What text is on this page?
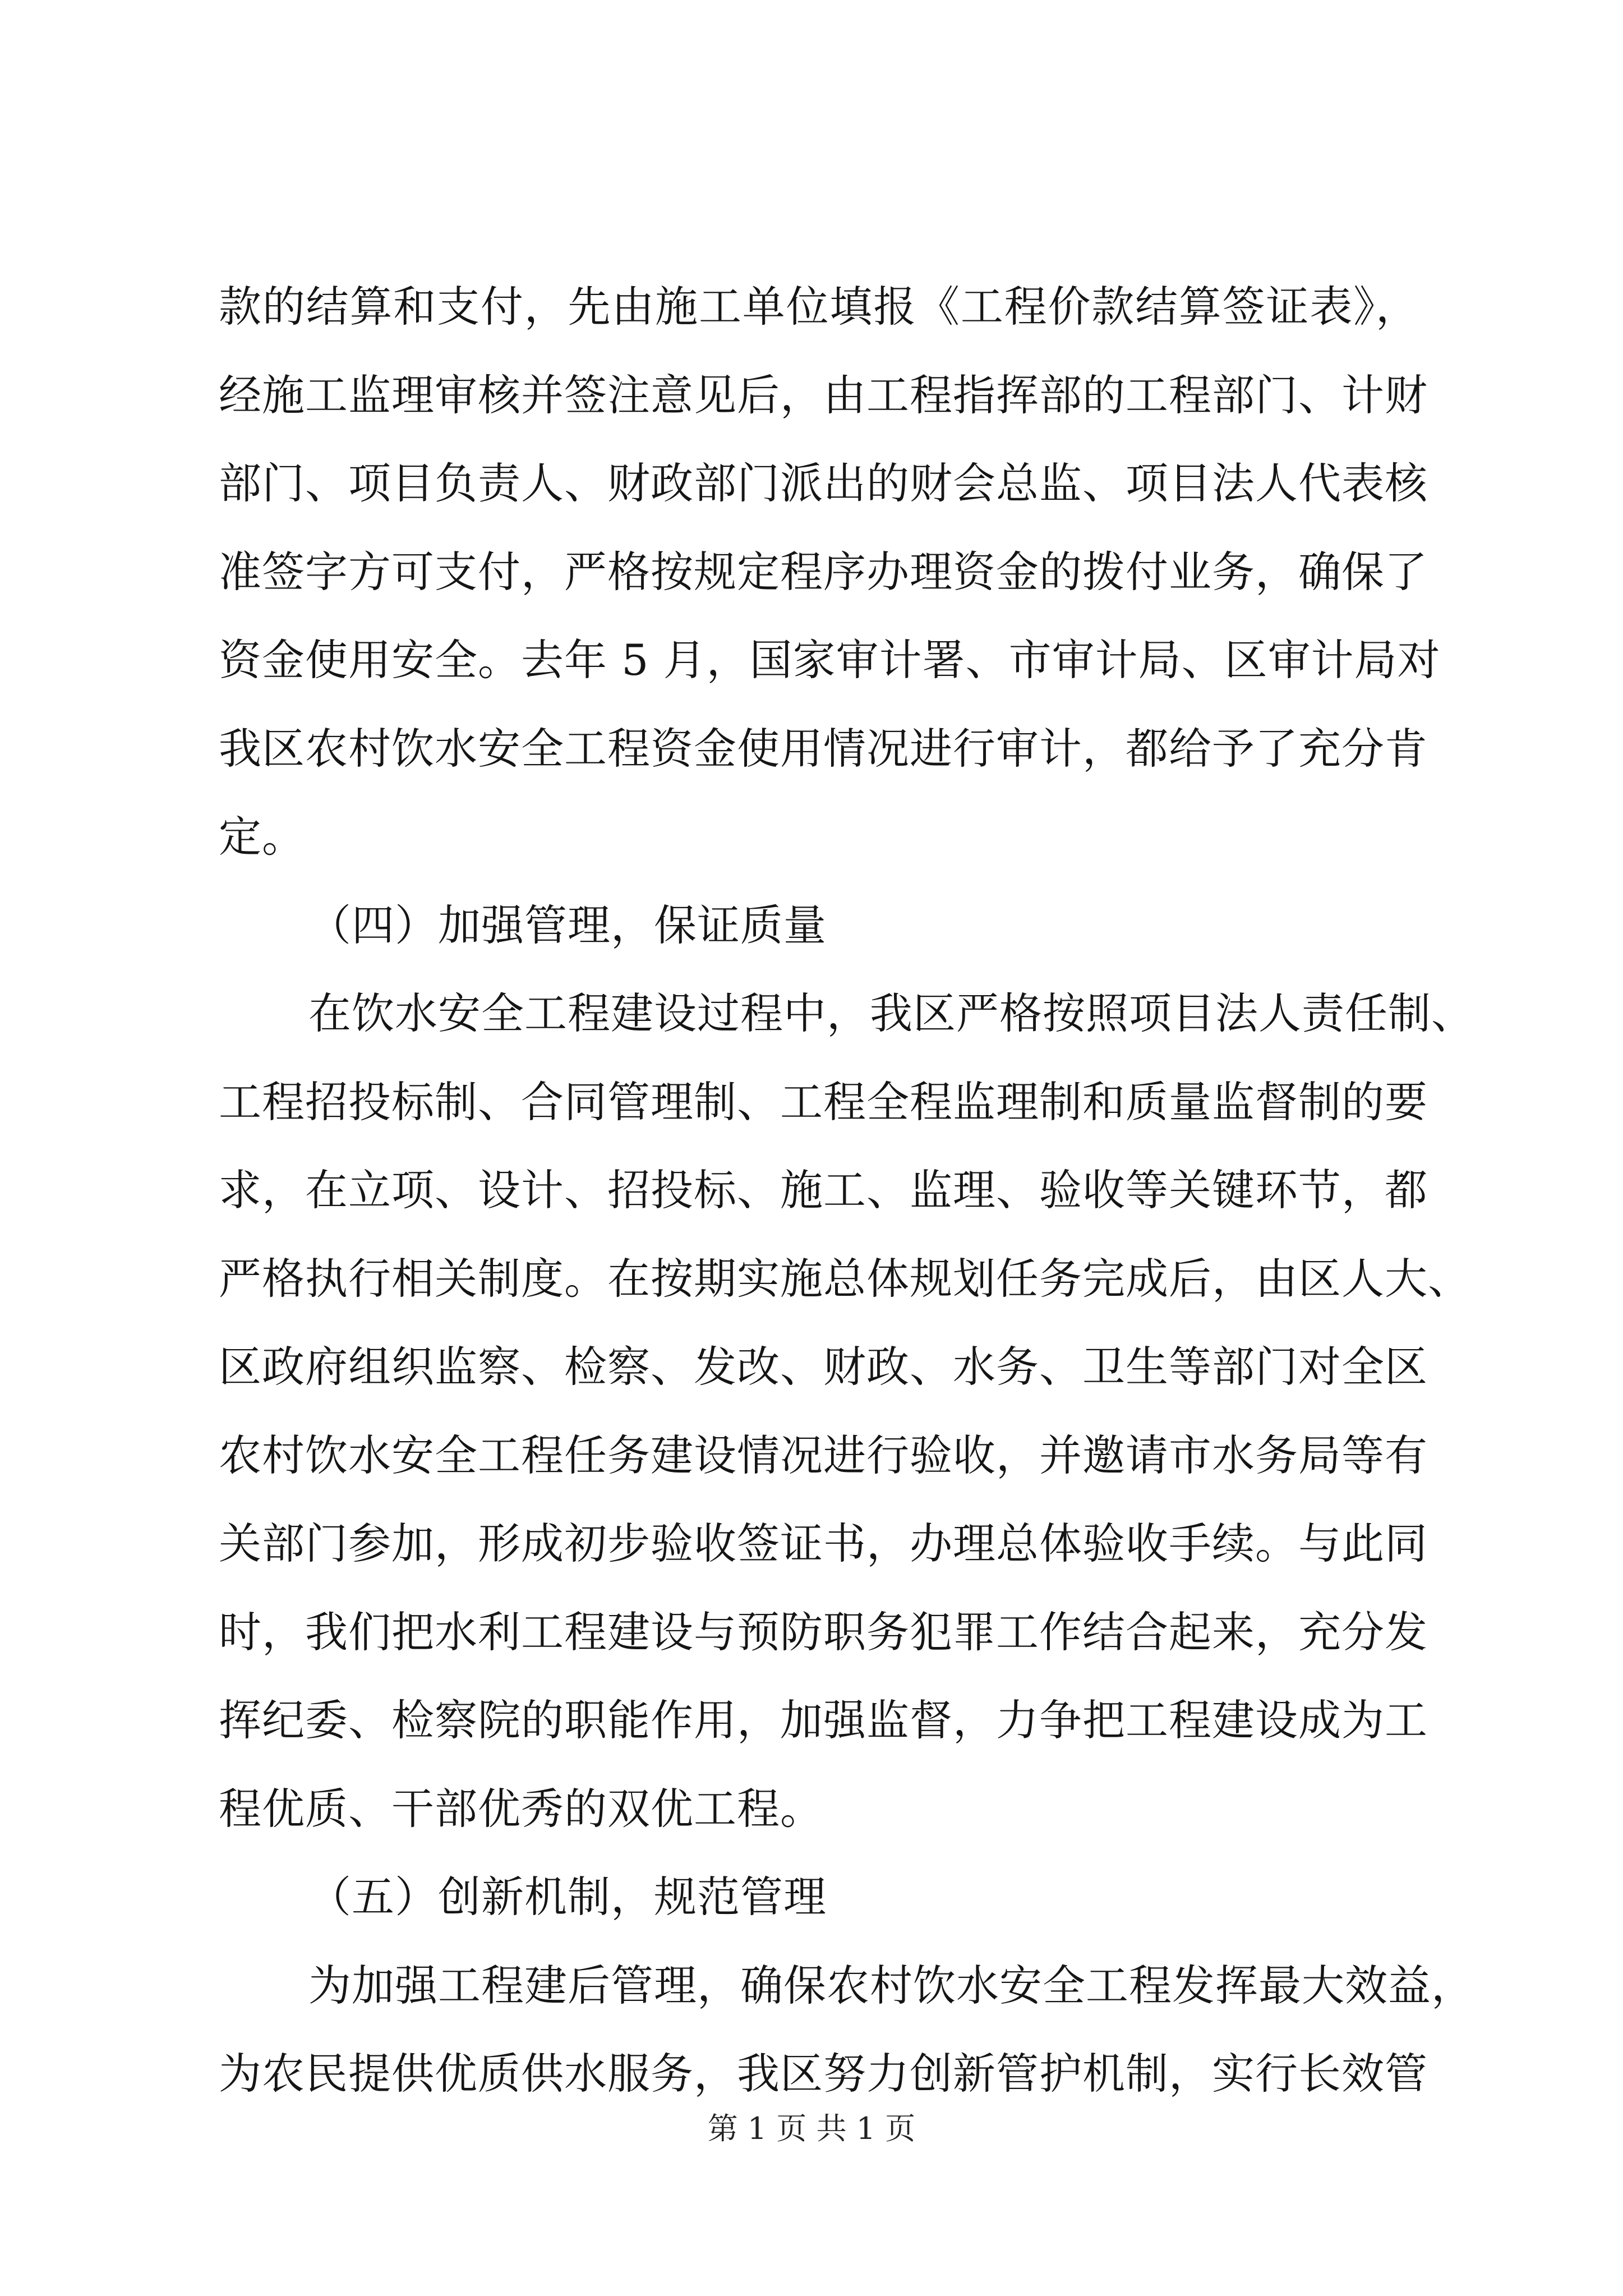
款的结算和支付，先由施工单位填报《工程价款结算签证表》，
经施工监理审核并签注意见后，由工程指挥部的工程部门、计财
部门、项目负责人、财政部门派出的财会总监、项目法人代表核
准签字方可支付，严格按规定程序办理资金的拨付业务，确保了
资金使用安全。去年 5 月，国家审计署、市审计局、区审计局对
我区农村饮水安全工程资金使用情况进行审计，都给予了充分肯
定。
（四）加强管理，保证质量
在饮水安全工程建设过程中，我区严格按照项目法人责任制、
工程招投标制、合同管理制、工程全程监理制和质量监督制的要
求，在立项、设计、招投标、施工、监理、验收等关键环节，都
严格执行相关制度。在按期实施总体规划任务完成后，由区人大、
区政府组织监察、检察、发改、财政、水务、卫生等部门对全区
农村饮水安全工程任务建设情况进行验收，并邀请市水务局等有
关部门参加，形成初步验收签证书，办理总体验收手续。与此同
时，我们把水利工程建设与预防职务犯罪工作结合起来，充分发
挥纪委、检察院的职能作用，加强监督，力争把工程建设成为工
程优质、干部优秀的双优工程。
（五）创新机制，规范管理
为加强工程建后管理，确保农村饮水安全工程发挥最大效益，
为农民提供优质供水服务，我区努力创新管护机制，实行长效管
第 1 页 共 1 页
